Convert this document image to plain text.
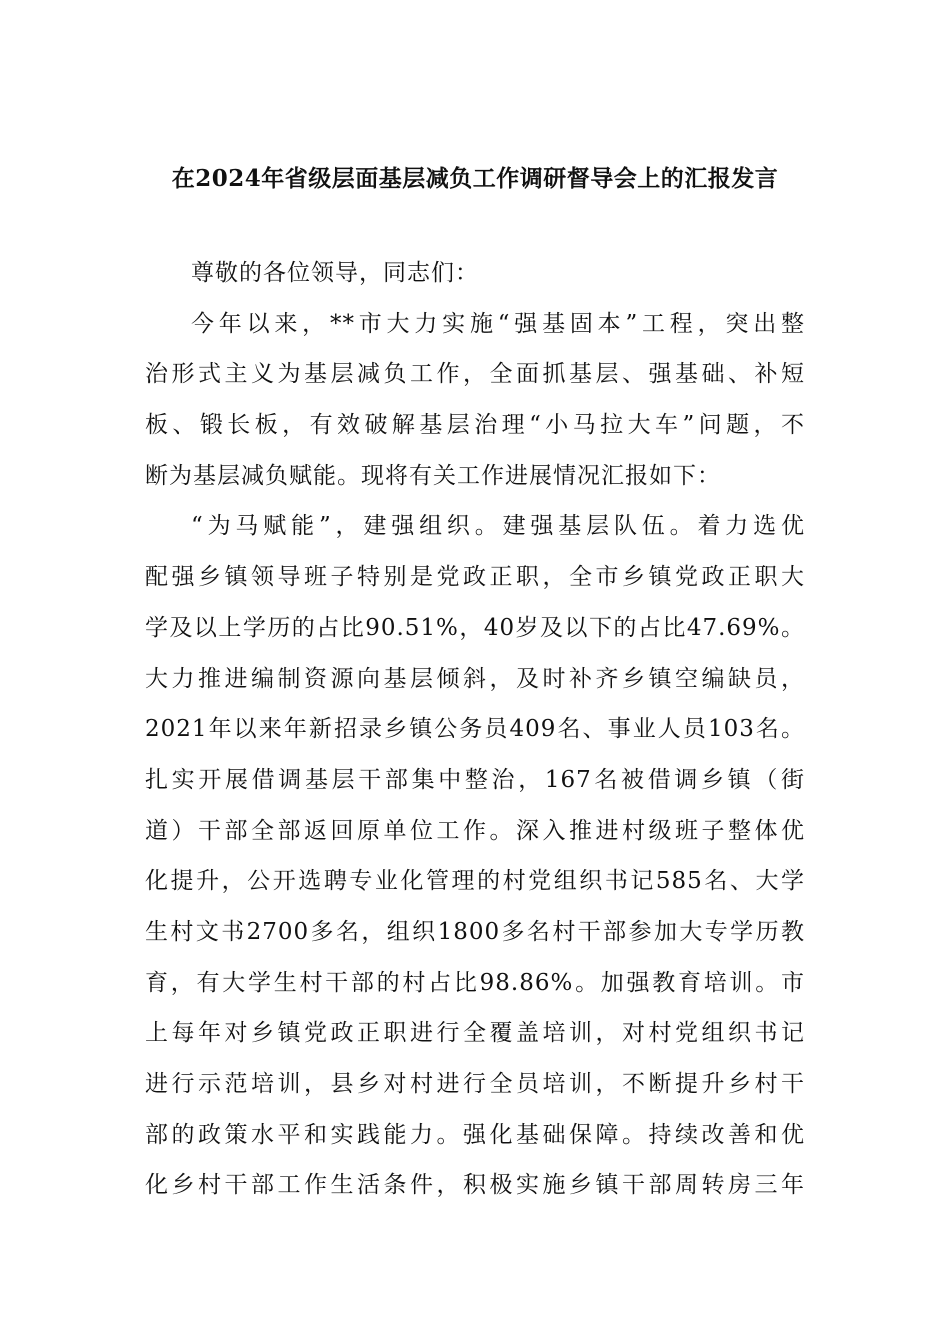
在2024年省级层面基层减负工作调研督导会上的汇报发言
尊敬的各位领导，同志们：
今年以来，**市大力实施“强基固本”工程，突出整
治形式主义为基层减负工作，全面抓基层、强基础、补短
板、锻长板，有效破解基层治理“小马拉大车”问题，不
断为基层减负赋能。现将有关工作进展情况汇报如下：
“为马赋能”，建强组织。建强基层队伍。着力选优
配强乡镇领导班子特别是党政正职，全市乡镇党政正职大
学及以上学历的占比90.51%，40岁及以下的占比47.69%。
大力推进编制资源向基层倾斜，及时补齐乡镇空编缺员，
2021年以来年新招录乡镇公务员409名、事业人员103名。
扎实开展借调基层干部集中整治，167名被借调乡镇（街
道）干部全部返回原单位工作。深入推进村级班子整体优
化提升，公开选聘专业化管理的村党组织书记585名、大学
生村文书2700多名，组织1800多名村干部参加大专学历教
育，有大学生村干部的村占比98.86%。加强教育培训。市
上每年对乡镇党政正职进行全覆盖培训，对村党组织书记
进行示范培训，县乡对村进行全员培训，不断提升乡村干
部的政策水平和实践能力。强化基础保障。持续改善和优
化乡村干部工作生活条件，积极实施乡镇干部周转房三年
